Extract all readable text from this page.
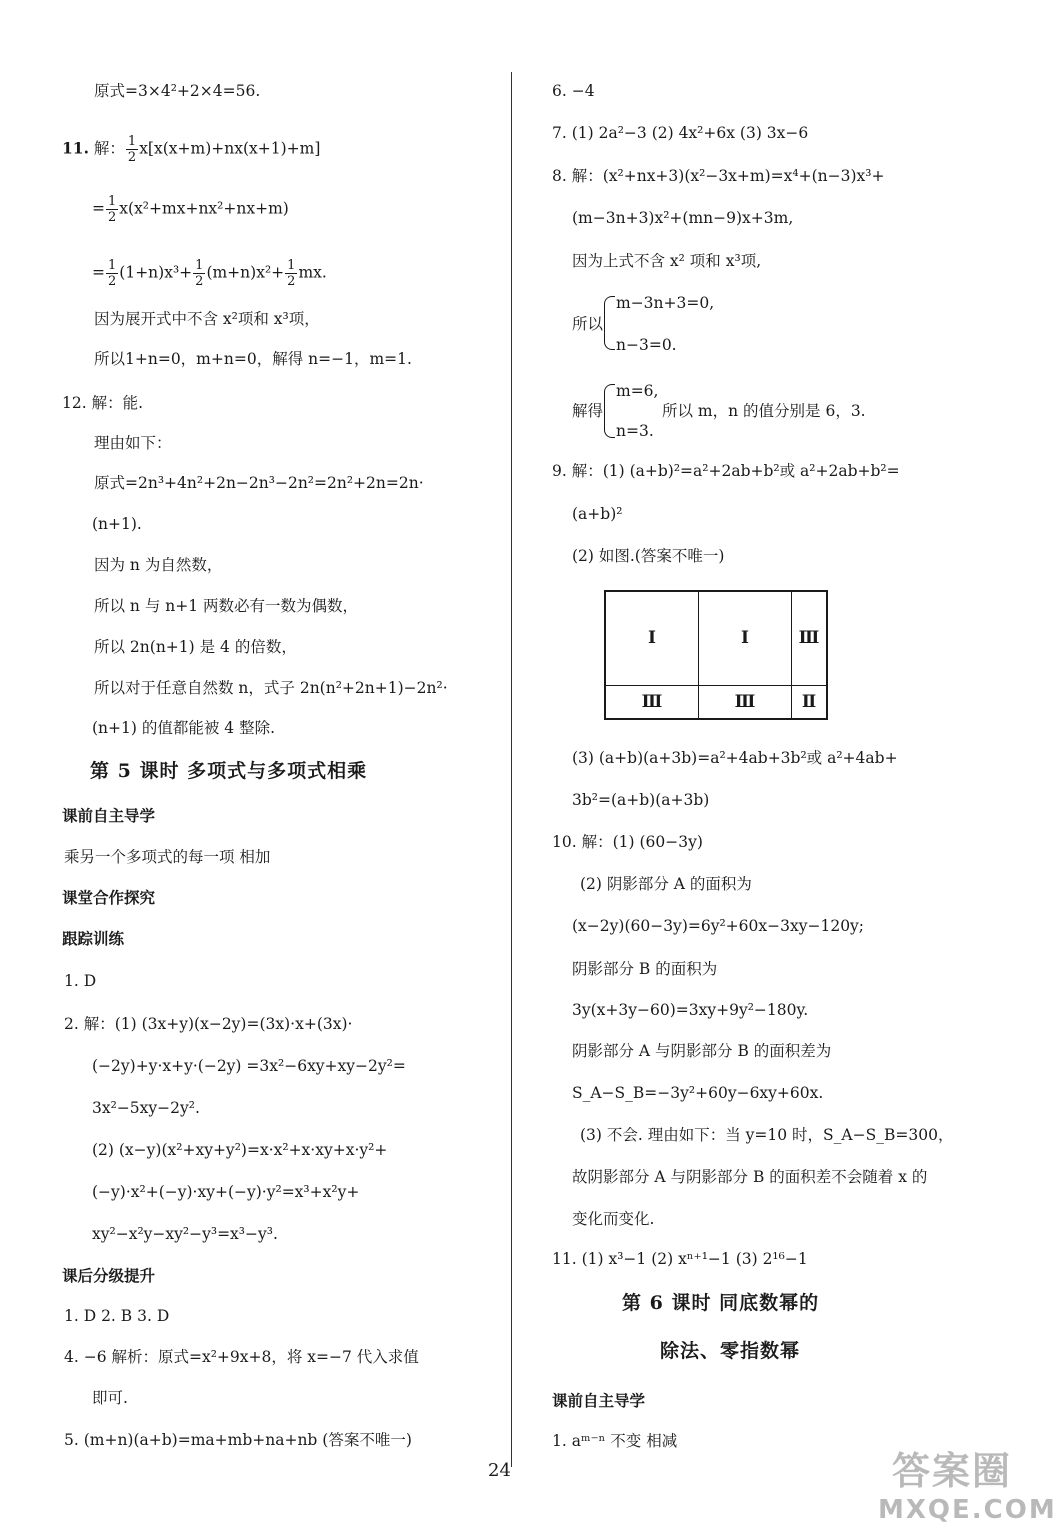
原式=3×4²+2×4=56.
11. 解： $\frac{1}{2} x[x(x+m)+nx(x+1)+m]$
= $\frac{1}{2} x(x^2+mx+nx^2+nx+m)$
= $\frac{1}{2} (1+n)x^3+ \frac{1}{2} (m+n)x^2+ \frac{1}{2}$ mx.
因为展开式中不含 x²项和 x³项，
所以1+n=0，m+n=0，解得 n=−1，m=1.
12. 解：能.
理由如下：
原式=2n³+4n²+2n−2n³−2n²=2n²+2n=2n·
(n+1).
因为 n 为自然数，
所以 n 与 n+1 两数必有一数为偶数，
所以 2n(n+1) 是 4 的倍数，
所以对于任意自然数 n，式子 2n(n²+2n+1)−2n²·
(n+1) 的值都能被 4 整除.
第 5 课时 多项式与多项式相乘
课前自主导学
乘另一个多项式的每一项 相加
课堂合作探究
跟踪训练
1. D
2. 解：(1) (3x+y)(x−2y)=(3x)·x+(3x)·
(−2y)+y·x+y·(−2y) =3x²−6xy+xy−2y²=
3x²−5xy−2y².
(2) (x−y)(x²+xy+y²)=x·x²+x·xy+x·y²+
(−y)·x²+(−y)·xy+(−y)·y²=x³+x²y+
xy²−x²y−xy²−y³=x³−y³.
课后分级提升
1. D 2. B 3. D
4. −6 解析：原式=x²+9x+8，将 x=−7 代入求值
即可.
5. (m+n)(a+b)=ma+mb+na+nb (答案不唯一)
6. −4
7. (1) 2a²−3 (2) 4x²+6x (3) 3x−6
8. 解：(x²+nx+3)(x²−3x+m)=x⁴+(n−3)x³+
(m−3n+3)x²+(mn−9)x+3m,
因为上式不含 x² 项和 x³项,
所以
m−3n+3=0,
n−3=0.
解得
m=6,
所以 m，n 的值分别是 6，3.
n=3.
9. 解：(1) (a+b)²=a²+2ab+b²或 a²+2ab+b²=
(a+b)²
(2) 如图.(答案不唯一)
Ⅰ	Ⅰ	Ⅲ
Ⅲ	Ⅲ	Ⅱ
(3) (a+b)(a+3b)=a²+4ab+3b²或 a²+4ab+
3b²=(a+b)(a+3b)
10. 解：(1) (60−3y)
(2) 阴影部分 A 的面积为
(x−2y)(60−3y)=6y²+60x−3xy−120y;
阴影部分 B 的面积为
3y(x+3y−60)=3xy+9y²−180y.
阴影部分 A 与阴影部分 B 的面积差为
S_A−S_B=−3y²+60y−6xy+60x.
(3) 不会. 理由如下：当 y=10 时，S_A−S_B=300，
故阴影部分 A 与阴影部分 B 的面积差不会随着 x 的
变化而变化.
11. (1) x³−1 (2) xⁿ⁺¹−1 (3) 2¹⁶−1
第 6 课时 同底数幂的
除法、零指数幂
课前自主导学
1. aᵐ⁻ⁿ 不变 相减
24	答案圈
MXQE.COM
